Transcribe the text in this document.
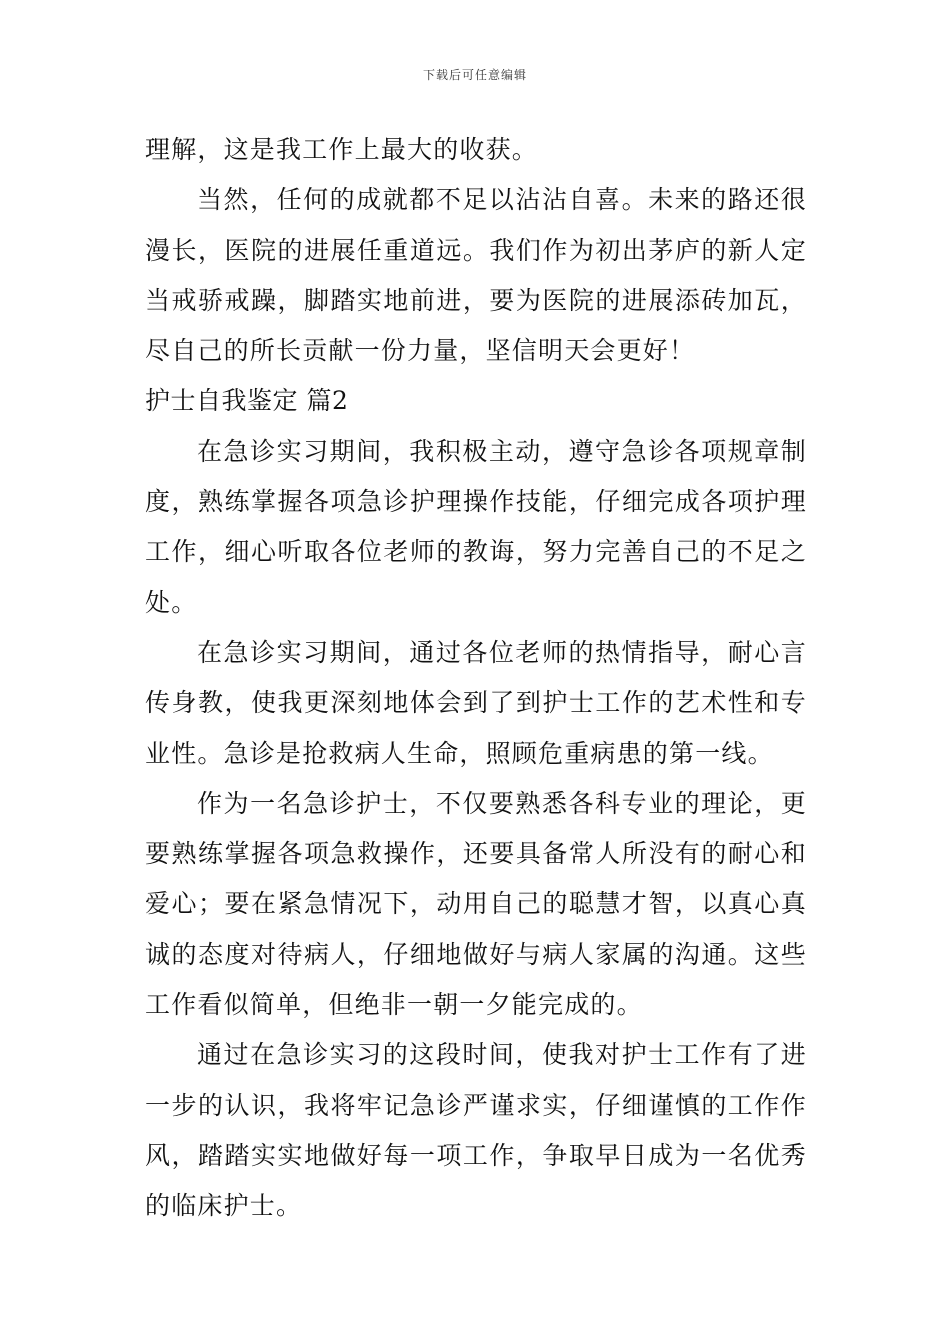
下载后可任意编辑

理解，这是我工作上最大的收获。

当然，任何的成就都不足以沾沾自喜。未来的路还很漫长，医院的进展任重道远。我们作为初出茅庐的新人定当戒骄戒躁，脚踏实地前进，要为医院的进展添砖加瓦，尽自己的所长贡献一份力量，坚信明天会更好！

护士自我鉴定 篇2

在急诊实习期间，我积极主动，遵守急诊各项规章制度，熟练掌握各项急诊护理操作技能，仔细完成各项护理工作，细心听取各位老师的教诲，努力完善自己的不足之处。

在急诊实习期间，通过各位老师的热情指导，耐心言传身教，使我更深刻地体会到了到护士工作的艺术性和专业性。急诊是抢救病人生命，照顾危重病患的第一线。

作为一名急诊护士，不仅要熟悉各科专业的理论，更要熟练掌握各项急救操作，还要具备常人所没有的耐心和爱心；要在紧急情况下，动用自己的聪慧才智，以真心真诚的态度对待病人，仔细地做好与病人家属的沟通。这些工作看似简单，但绝非一朝一夕能完成的。

通过在急诊实习的这段时间，使我对护士工作有了进一步的认识，我将牢记急诊严谨求实，仔细谨慎的工作作风，踏踏实实地做好每一项工作，争取早日成为一名优秀的临床护士。
